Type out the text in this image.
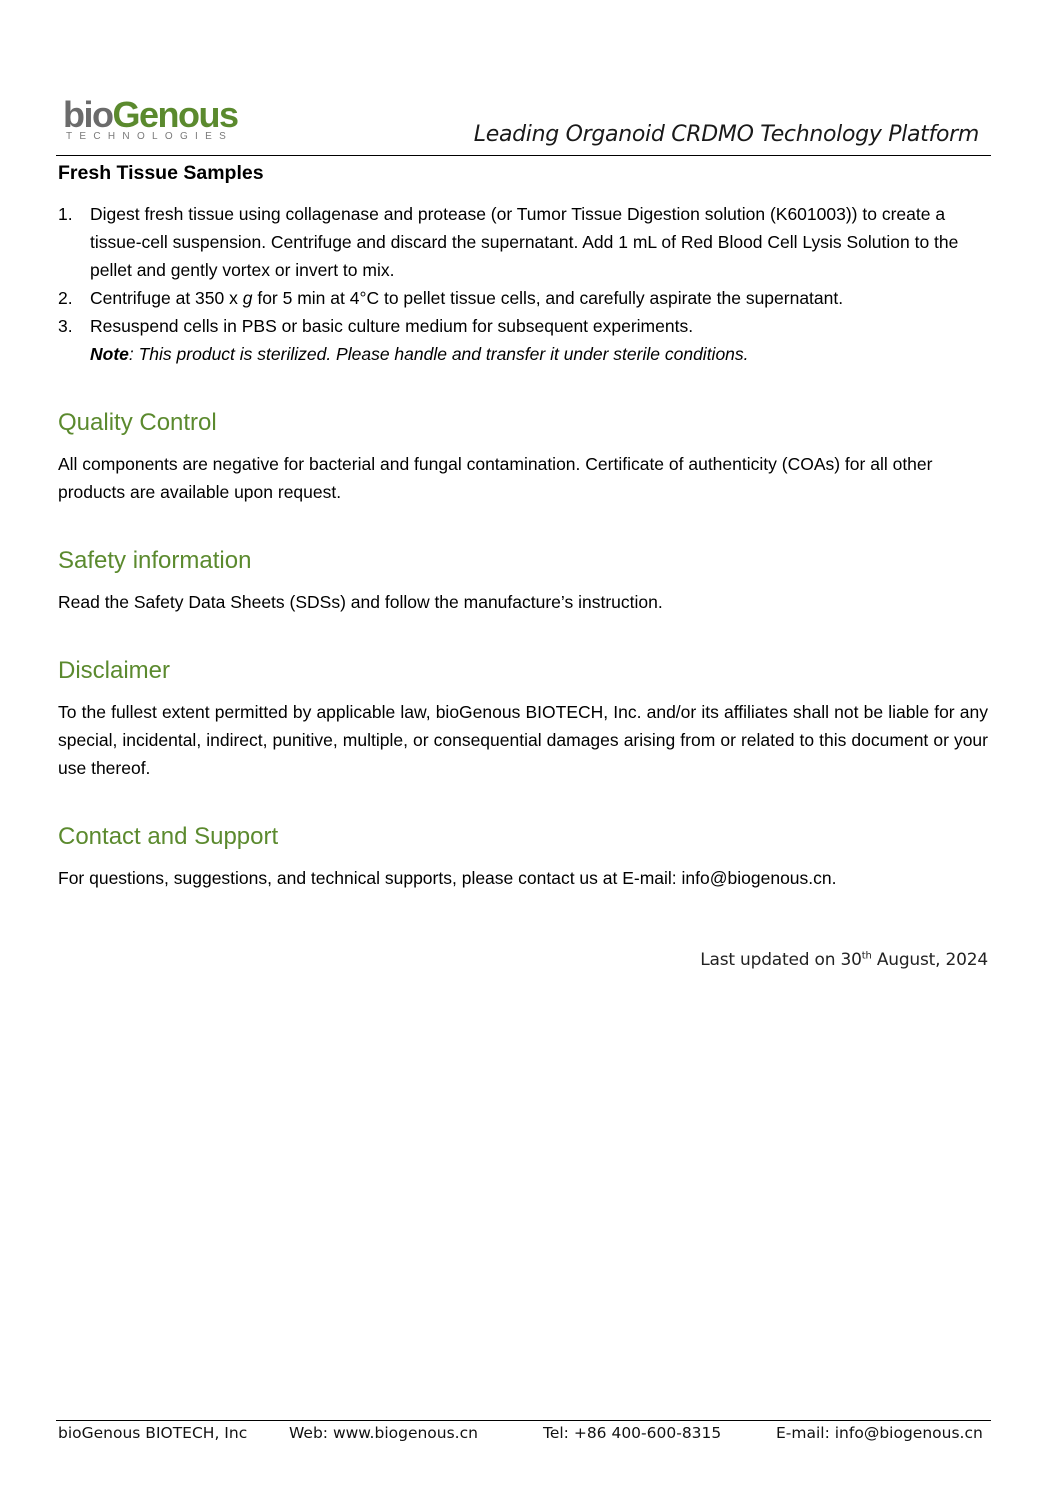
bioGenous
TECHNOLOGIES	Leading Organoid CRDMO Technology Platform
Fresh Tissue Samples
1. Digest fresh tissue using collagenase and protease (or Tumor Tissue Digestion solution (K601003)) to create a tissue-cell suspension. Centrifuge and discard the supernatant. Add 1 mL of Red Blood Cell Lysis Solution to the pellet and gently vortex or invert to mix.
2. Centrifuge at 350 x g for 5 min at 4°C to pellet tissue cells, and carefully aspirate the supernatant.
3. Resuspend cells in PBS or basic culture medium for subsequent experiments.
Note: This product is sterilized. Please handle and transfer it under sterile conditions.
Quality Control

All components are negative for bacterial and fungal contamination. Certificate of authenticity (COAs) for all other products are available upon request.

Safety information

Read the Safety Data Sheets (SDSs) and follow the manufacture’s instruction.

Disclaimer

To the fullest extent permitted by applicable law, bioGenous BIOTECH, Inc. and/or its affiliates shall not be liable for any special, incidental, indirect, punitive, multiple, or consequential damages arising from or related to this document or your use thereof.

Contact and Support

For questions, suggestions, and technical supports, please contact us at E-mail: info@biogenous.cn.

Last updated on 30th August, 2024
bioGenous BIOTECH, Inc	Web: www.biogenous.cn	Tel: +86 400-600-8315	E-mail: info@biogenous.cn
